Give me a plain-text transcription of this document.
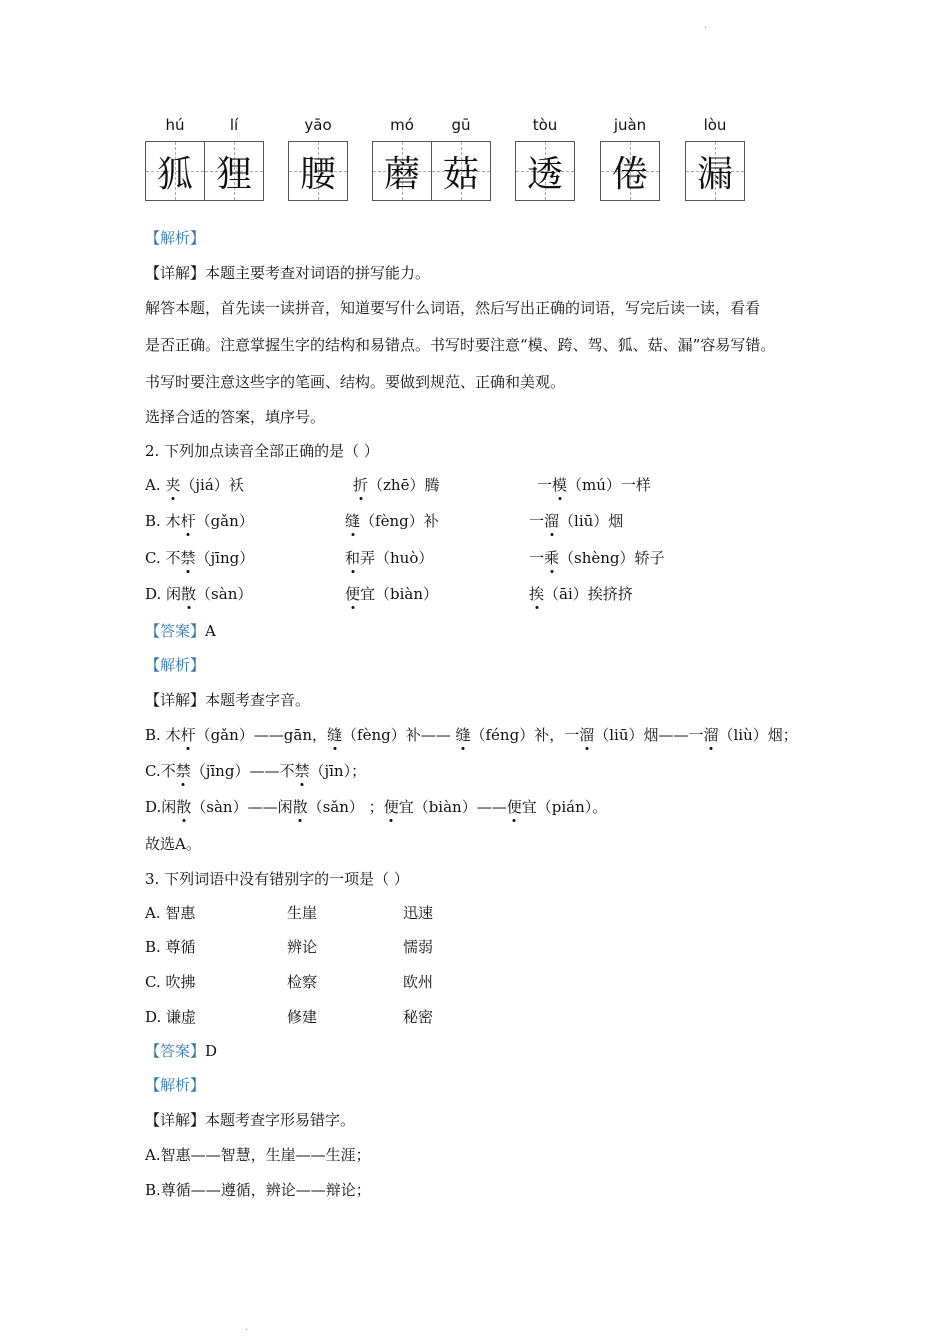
.
hú	lí
狐 狸
yāo
腰
mó	gū
蘑 菇
tòu
透
juàn
倦
lòu
漏
【解析】
【详解】本题主要考查对词语的拼写能力。
解答本题，首先读一读拼音，知道要写什么词语，然后写出正确的词语，写完后读一读，看看
是否正确。注意掌握生字的结构和易错点。书写时要注意“模、跨、驾、狐、菇、漏”容易写错。
书写时要注意这些字的笔画、结构。要做到规范、正确和美观。
选择合适的答案，填序号。
2. 下列加点读音全部正确的是（ ）
A. 夹（jiá）袄	折（zhē）腾	一模（mú）一样
B. 木杆（gǎn）	缝（fèng）补	一溜（liū）烟
C. 不禁（jīng）	和弄（huò）	一乘（shèng）轿子
D. 闲散（sàn）	便宜（biàn）	挨（āi）挨挤挤
【答案】A
【解析】
【详解】本题考查字音。
B. 木杆（gǎn）——gān，缝（fèng）补—— 缝（féng）补，一溜（liū）烟——一溜（liù）烟；
C.不禁（jīng）——不禁（jīn）；
D.闲散（sàn）——闲散（sǎn） ；便宜（biàn）——便宜（pián）。
故选A。
3. 下列词语中没有错别字的一项是（ ）
A. 智惠	生崖	迅速
B. 尊循	辨论	懦弱
C. 吹拂	检察	欧州
D. 谦虚	修建	秘密
【答案】D
【解析】
【详解】本题考查字形易错字。
A.智惠——智慧，生崖——生涯；
B.尊循——遵循，辨论——辩论；
.
